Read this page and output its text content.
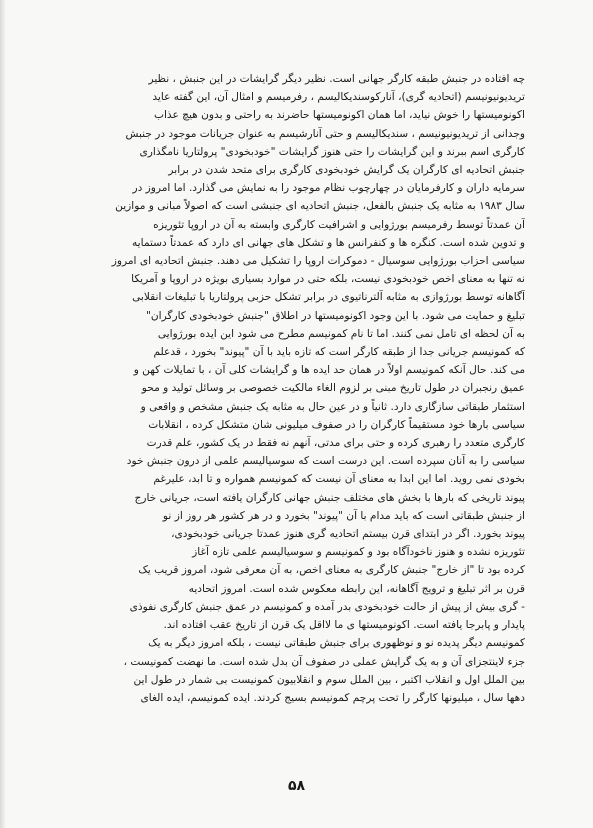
چه افتاده در جنبش طبقه کارگر جهانی است. نظیر دیگر گرایشات در این جنبش ، نظیر
تریدیونیونیسم (اتحادیه گری)، آنارکوسندیکالیسم ، رفرمیسم و امثال آن، این گفته عاید
اکونومیستها را خوش نیاید، اما همان اکونومیستها حاضرند به راحتی و بدون هیچ عذاب
وجدانی از تریدیونیونیسم ، سندیکالیسم و حتی آنارشیسم به عنوان جریانات موجود در جنبش
کارگری اسم ببرند و این گرایشات را حتی هنوز گرایشات "خودبخودی" پرولتاریا نامگذاری
جنبش اتحادیه ای کارگران یک گرایش خودبخودی کارگری برای متحد شدن در برابر
سرمایه داران و کارفرمایان در چهارچوب نظام موجود را به نمایش می گذارد. اما امروز در
سال ۱۹۸۳ به مثابه یک جنبش بالفعل، جنبش اتحادیه ای جنبشی است که اصولاً مبانی و موازین
آن عمدتاً توسط رفرمیسم بورژوایی و اشرافیت کارگری وابسته به آن در اروپا تئوریزه
و تدوین شده است. کنگره ها و کنفرانس ها و تشکل های جهانی ای دارد که عمدتاً دستمایه
سیاسی احزاب بورژوایی سوسیال - دموکرات اروپا را تشکیل می دهند. جنبش اتحادیه ای امروز
نه تنها به معنای اخص خودبخودی نیست، بلکه حتی در موارد بسیاری بویژه در اروپا و آمریکا
آگاهانه توسط بورژوازی به مثابه آلترناتیوی در برابر تشکل حزبی پرولتاریا با تبلیغات انقلابی
تبلیغ و حمایت می شود. با این وجود اکونومیستها در اطلاق "جنبش خودبخودی کارگران"
به آن لحظه ای تامل نمی کنند. اما تا نام کمونیسم مطرح می شود این ایده بورژوایی
که کمونیسم جریانی جدا از طبقه کارگر است که تازه باید با آن "پیوند" بخورد ، قدعلم
می کند. حال آنکه کمونیسم اولاً در همان حد ایده ها و گرایشات کلی آن ، با تمایلات کهن و
عمیق رنجبران در طول تاریخ مبنی بر لزوم الغاء مالکیت خصوصی بر وسائل تولید و محو
استثمار طبقاتی سازگاری دارد. ثانیاً و در عین حال به مثابه یک جنبش مشخص و واقعی و
سیاسی بارها خود مستقیماً کارگران را در صفوف میلیونی شان متشکل کرده ، انقلابات
کارگری متعدد را رهبری کرده و حتی برای مدتی، آنهم نه فقط در یک کشور، علم قدرت
سیاسی را به آنان سپرده است. این درست است که سوسیالیسم علمی از درون جنبش خود
بخودی نمی روید. اما این ابدا به معنای آن نیست که کمونیسم همواره و تا ابد، علیرغم
پیوند تاریخی که بارها با بخش های مختلف جنبش جهانی کارگران یافته است، جریانی خارج
از جنبش طبقاتی است که باید مدام با آن "پیوند" بخورد و در هر کشور هر روز از نو
پیوند بخورد. اگر در ابتدای قرن بیستم اتحادیه گری هنوز عمدتا جریانی خودبخودی،
تئوریزه نشده و هنوز ناخودآگاه بود و کمونیسم و سوسیالیسم علمی تازه آغاز
کرده بود تا "از خارج" جنبش کارگری به معنای اخص، به آن معرفی شود، امروز قریب یک
قرن بر اثر تبلیغ و ترویج آگاهانه، این رابطه معکوس شده است. امروز اتحادیه
- گری بیش از پیش از حالت خودبخودی بدر آمده و کمونیسم در عمق جنبش کارگری نفوذی
پایدار و پابرجا یافته است. اکونومیستها ی ما لااقل یک قرن از تاریخ عقب افتاده اند.
کمونیسم دیگر پدیده نو و نوظهوری برای جنبش طبقاتی نیست ، بلکه امروز دیگر به یک
جزء لاینتجزای آن و به یک گرایش عملی در صفوف آن بدل شده است. ما نهضت کمونیست ،
بین الملل اول و انقلاب اکتبر ، بین الملل سوم و انقلابیون کمونیست بی شمار در طول این
دهها سال ، میلیونها کارگر را تحت پرچم کمونیسم بسیج کردند. ایده کمونیسم، ایده الغای
۵۸
